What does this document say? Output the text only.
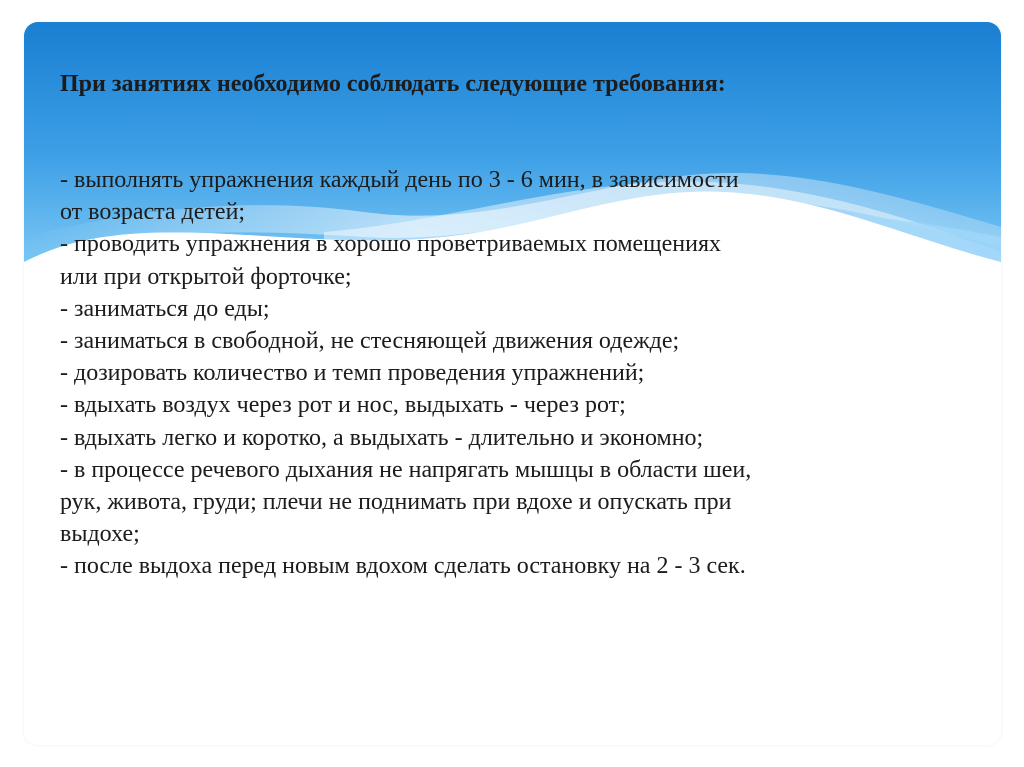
При занятиях необходимо соблюдать следующие требования:

- выполнять упражнения каждый день по 3 - 6 мин, в зависимости

от возраста детей;

- проводить упражнения в хорошо проветриваемых помещениях

или при открытой форточке;

- заниматься до еды;

- заниматься в свободной, не стесняющей движения одежде;

- дозировать количество и темп проведения упражнений;

- вдыхать воздух через рот и нос, выдыхать - через рот;

- вдыхать легко и коротко, а выдыхать - длительно и экономно;

- в процессе речевого дыхания не напрягать мышцы в области шеи,

рук, живота, груди; плечи не поднимать при вдохе и опускать при

выдохе;

- после выдоха перед новым вдохом сделать остановку на 2 - 3 сек.
